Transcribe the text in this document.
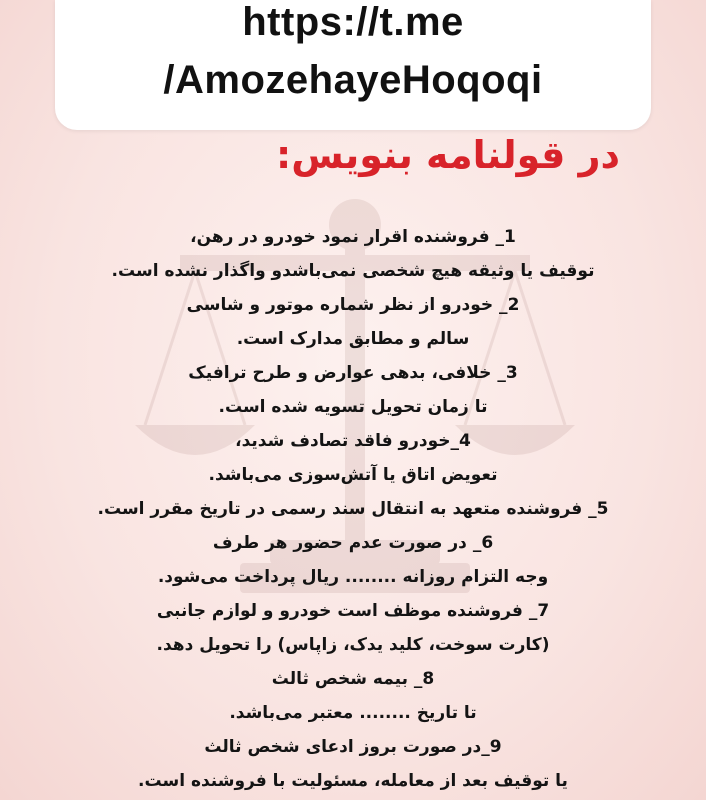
https://t.me
/AmozehayeHoqoqi
در قولنامه بنویس:
1_ فروشنده اقرار نمود خودرو در رهن،
توقیف یا وثیقه هیچ شخصی نمی‌باشدو واگذار نشده است.
2_ خودرو از نظر شماره موتور و شاسی
سالم و مطابق مدارک است.
3_ خلافی، بدهی عوارض و طرح ترافیک
تا زمان تحویل تسویه شده است.
4_خودرو فاقد تصادف شدید،
تعویض اتاق یا آتش‌سوزی می‌باشد.
5_ فروشنده متعهد به انتقال سند رسمی در تاریخ مقرر است.
6_ در صورت عدم حضور هر طرف
وجه التزام روزانه ........ ریال پرداخت می‌شود.
7_ فروشنده موظف است خودرو و لوازم جانبی
(کارت سوخت، کلید یدک، زاپاس) را تحویل دهد.
8_ بیمه شخص ثالث
تا تاریخ ........ معتبر می‌باشد.
9_در صورت بروز ادعای شخص ثالث
یا توقیف بعد از معامله، مسئولیت با فروشنده است.
